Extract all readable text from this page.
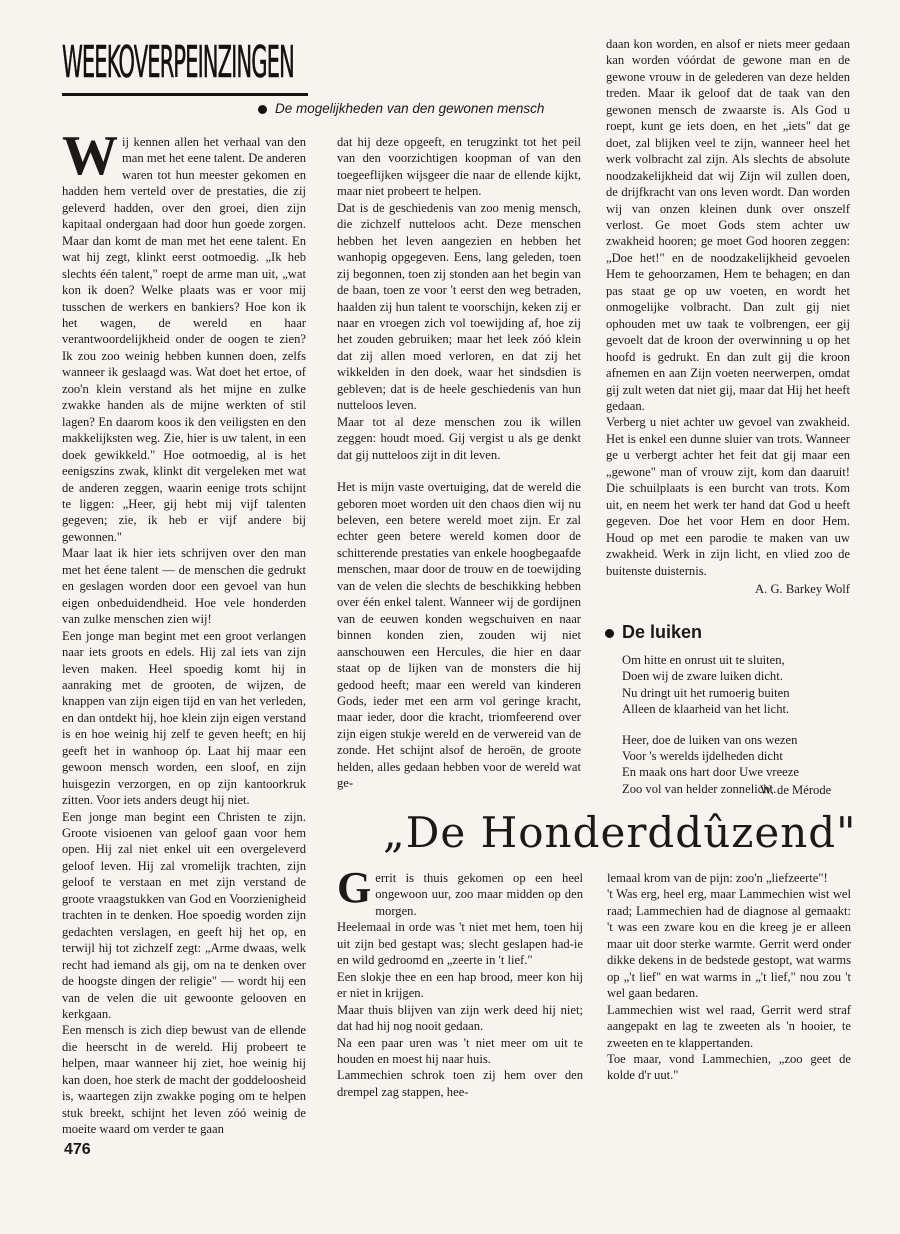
WEEKOVERPEINZINGEN
De mogelijkheden van den gewonen mensch

Wij kennen allen het verhaal van den man met het eene talent. De anderen waren tot hun meester gekomen en hadden hem verteld over de prestaties, die zij geleverd hadden, over den groei, dien zijn kapitaal ondergaan had door hun goede zorgen. Maar dan komt de man met het eene talent. En wat hij zegt, klinkt eerst ootmoedig. „Ik heb slechts één talent," roept de arme man uit, „wat kon ik doen? Welke plaats was er voor mij tusschen de werkers en bankiers? Hoe kon ik het wagen, de wereld en haar verantwoordelijkheid onder de oogen te zien? Ik zou zoo weinig hebben kunnen doen, zelfs wanneer ik geslaagd was. Wat doet het ertoe, of zoo'n klein verstand als het mijne en zulke zwakke handen als de mijne werkten of stil lagen? En daarom koos ik den veiligsten en den makkelijksten weg. Zie, hier is uw talent, in een doek gewikkeld." Hoe ootmoedig, al is het eenigszins zwak, klinkt dit vergeleken met wat de anderen zeggen, waarin eenige trots schijnt te liggen: „Heer, gij hebt mij vijf talenten gegeven; zie, ik heb er vijf andere bij gewonnen."

Maar laat ik hier iets schrijven over den man met het éene talent — de menschen die gedrukt en geslagen worden door een gevoel van hun eigen onbeduidendheid. Hoe vele honderden van zulke menschen zien wij!

Een jonge man begint met een groot verlangen naar iets groots en edels. Hij zal iets van zijn leven maken. Heel spoedig komt hij in aanraking met de grooten, de wijzen, de knappen van zijn eigen tijd en van het verleden, en dan ontdekt hij, hoe klein zijn eigen verstand is en hoe weinig hij zelf te geven heeft; en hij geeft het in wanhoop óp. Laat hij maar een gewoon mensch worden, een sloof, en zijn huisgezin verzorgen, en op zijn kantoorkruk zitten. Voor iets anders deugt hij niet.

Een jonge man begint een Christen te zijn. Groote visioenen van geloof gaan voor hem open. Hij zal niet enkel uit een overgeleverd geloof leven. Hij zal vromelijk trachten, zijn geloof te verstaan en met zijn verstand de groote vraagstukken van God en Voorzienigheid trachten in te denken. Hoe spoedig worden zijn gedachten verslagen, en geeft hij het op, en terwijl hij tot zichzelf zegt: „Arme dwaas, welk recht had iemand als gij, om na te denken over de hoogste dingen der religie" — wordt hij een van de velen die uit gewoonte gelooven en kerkgaan.

Een mensch is zich diep bewust van de ellende die heerscht in de wereld. Hij probeert te helpen, maar wanneer hij ziet, hoe weinig hij kan doen, hoe sterk de macht der goddeloosheid is, waartegen zijn zwakke poging om te helpen stuk breekt, schijnt het leven zóó weinig de moeite waard om verder te gaan

dat hij deze opgeeft, en terugzinkt tot het peil van den voorzichtigen koopman of van den toegeeflijken wijsgeer die naar de ellende kijkt, maar niet probeert te helpen.

Dat is de geschiedenis van zoo menig mensch, die zichzelf nutteloos acht. Deze menschen hebben het leven aangezien en hebben het wanhopig opgegeven. Eens, lang geleden, toen zij begonnen, toen zij stonden aan het begin van de baan, toen ze voor 't eerst den weg betraden, haalden zij hun talent te voorschijn, keken zij er naar en vroegen zich vol toewijding af, hoe zij het zouden gebruiken; maar het leek zóó klein dat zij allen moed verloren, en dat zij het wikkelden in den doek, waar het sindsdien is gebleven; dat is de heele geschiedenis van hun nutteloos leven.

Maar tot al deze menschen zou ik willen zeggen: houdt moed. Gij vergist u als ge denkt dat gij nutteloos zijt in dit leven.

Het is mijn vaste overtuiging, dat de wereld die geboren moet worden uit den chaos dien wij nu beleven, een betere wereld moet zijn. Er zal echter geen betere wereld komen door de schitterende prestaties van enkele hoogbegaafde menschen, maar door de trouw en de toewijding van de velen die slechts de beschikking hebben over één enkel talent. Wanneer wij de gordijnen van de eeuwen konden wegschuiven en naar binnen konden zien, zouden wij niet aanschouwen een Hercules, die hier en daar staat op de lijken van de monsters die hij gedood heeft; maar een wereld van kinderen Gods, ieder met een arm vol geringe kracht, maar ieder, door die kracht, triomfeerend over zijn eigen stukje wereld en de verwereid van de zonde. Het schijnt alsof de heroën, de groote helden, alles gedaan hebben voor de wereld wat ge-

daan kon worden, en alsof er niets meer gedaan kan worden vóórdat de gewone man en de gewone vrouw in de gelederen van deze helden treden. Maar ik geloof dat de taak van den gewonen mensch de zwaarste is. Als God u roept, kunt ge iets doen, en het „iets" dat ge doet, zal blijken veel te zijn, wanneer heel het werk volbracht zal zijn. Als slechts de absolute noodzakelijkheid dat wij Zijn wil zullen doen, de drijfkracht van ons leven wordt. Dan worden wij van onzen kleinen dunk over onszelf verlost. Ge moet Gods stem achter uw zwakheid hooren; ge moet God hooren zeggen: „Doe het!" en de noodzakelijkheid gevoelen Hem te gehoorzamen, Hem te behagen; en dan pas staat ge op uw voeten, en wordt het onmogelijke volbracht. Dan zult gij niet ophouden met uw taak te volbrengen, eer gij gevoelt dat de kroon der overwinning u op het hoofd is gedrukt. En dan zult gij die kroon afnemen en aan Zijn voeten neerwerpen, omdat gij zult weten dat niet gij, maar dat Hij het heeft gedaan.

Verberg u niet achter uw gevoel van zwakheid. Het is enkel een dunne sluier van trots. Wanneer ge u verbergt achter het feit dat gij maar een „gewone" man of vrouw zijt, kom dan daaruit! Die schuilplaats is een burcht van trots. Kom uit, en neem het werk ter hand dat God u heeft gegeven. Doe het voor Hem en door Hem. Houd op met een parodie te maken van uw zwakheid. Werk in zijn licht, en vlied zoo de buitenste duisternis.

A. G. Barkey Wolf

De luiken
Om hitte en onrust uit te sluiten,
Doen wij de zware luiken dicht.
Nu dringt uit het rumoerig buiten
Alleen de klaarheid van het licht.
Heer, doe de luiken van ons wezen
Voor 's werelds ijdelheden dicht
En maak ons hart door Uwe vreeze
Zoo vol van helder zonnelicht.
W. de Mérode
„De Honderddûzend"

Gerrit is thuis gekomen op een heel ongewoon uur, zoo maar midden op den morgen.

Heelemaal in orde was 't niet met hem, toen hij uit zijn bed gestapt was; slecht geslapen had-ie en wild gedroomd en „zeerte in 't lief."

Een slokje thee en een hap brood, meer kon hij er niet in krijgen.

Maar thuis blijven van zijn werk deed hij niet; dat had hij nog nooit gedaan.

Na een paar uren was 't niet meer om uit te houden en moest hij naar huis.

Lammechien schrok toen zij hem over den drempel zag stappen, hee-

lemaal krom van de pijn: zoo'n „liefzeerte"!

't Was erg, heel erg, maar Lammechien wist wel raad; Lammechien had de diagnose al gemaakt: 't was een zware kou en die kreeg je er alleen maar uit door sterke warmte. Gerrit werd onder dikke dekens in de bedstede gestopt, wat warms op „'t lief" en wat warms in „'t lief," nou zou 't wel gaan bedaren.

Lammechien wist wel raad, Gerrit werd straf aangepakt en lag te zweeten als 'n hooier, te zweeten en te klappertanden.

Toe maar, vond Lammechien, „zoo geet de kolde d'r uut."

476
